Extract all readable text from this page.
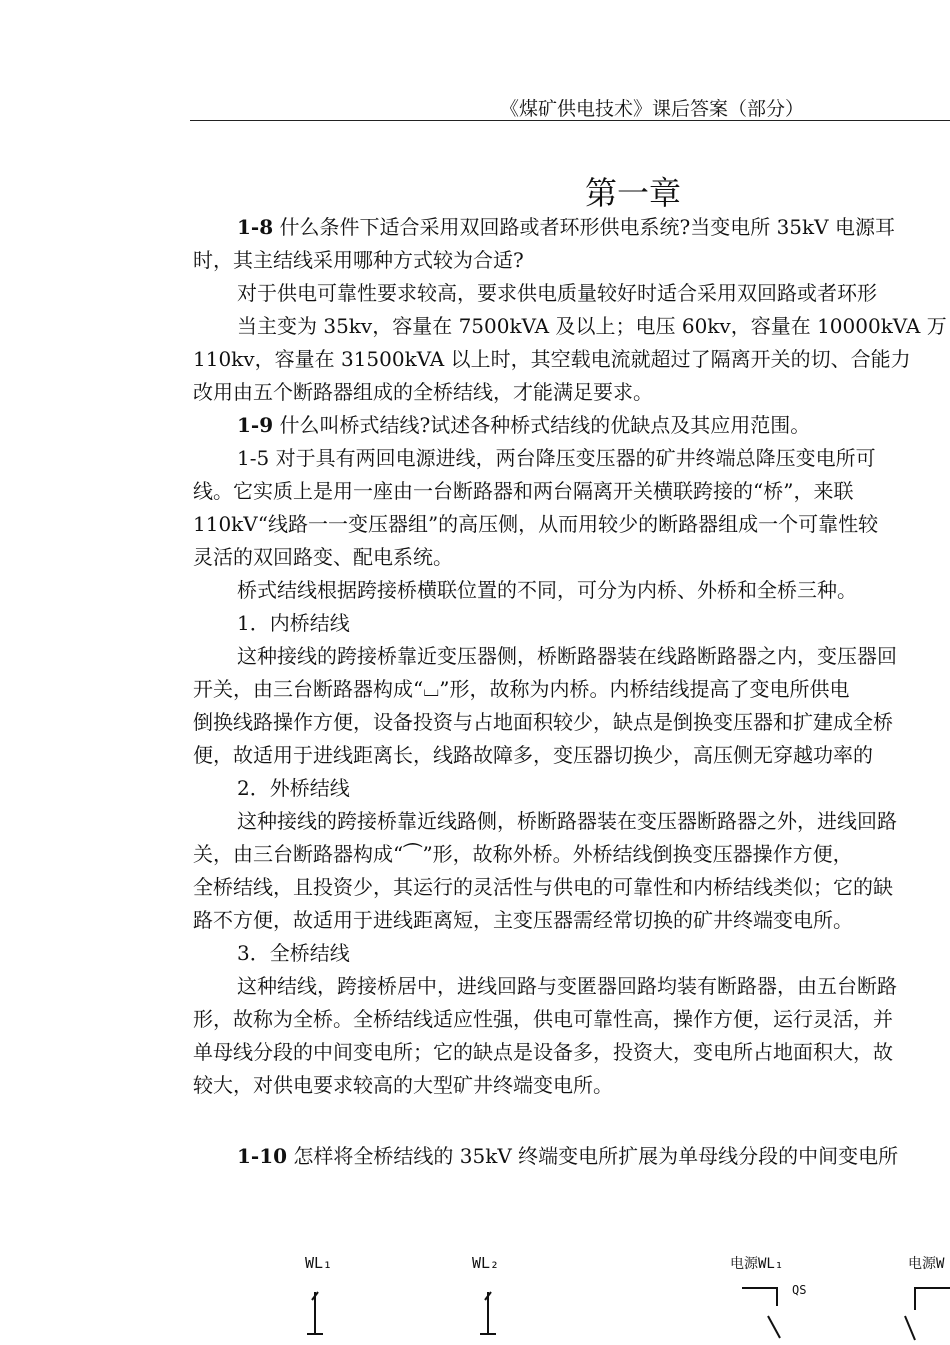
《煤矿供电技术》课后答案（部分）
第一章
1-8 什么条件下适合采用双回路或者环形供电系统?当变电所 35kV 电源耳
时，其主结线采用哪种方式较为合适?
对于供电可靠性要求较高，要求供电质量较好时适合采用双回路或者环形
当主变为 35kv，容量在 7500kVA 及以上；电压 60kv，容量在 10000kVA 万
110kv，容量在 31500kVA 以上时，其空载电流就超过了隔离开关的切、合能力
改用由五个断路器组成的全桥结线，才能满足要求。
1-9 什么叫桥式结线?试述各种桥式结线的优缺点及其应用范围。
1-5 对于具有两回电源进线，两台降压变压器的矿井终端总降压变电所可
线。它实质上是用一座由一台断路器和两台隔离开关横联跨接的“桥”，来联
110kV“线路一一变压器组”的高压侧，从而用较少的断路器组成一个可靠性较
灵活的双回路变、配电系统。
桥式结线根据跨接桥横联位置的不同，可分为内桥、外桥和全桥三种。
1．内桥结线
这种接线的跨接桥靠近变压器侧，桥断路器装在线路断路器之内，变压器回
开关，由三台断路器构成“⌴”形，故称为内桥。内桥结线提高了变电所供电
倒换线路操作方便，设备投资与占地面积较少，缺点是倒换变压器和扩建成全桥
便，故适用于进线距离长，线路故障多，变压器切换少，高压侧无穿越功率的
2．外桥结线
这种接线的跨接桥靠近线路侧，桥断路器装在变压器断路器之外，进线回路
关，由三台断路器构成“⏜”形，故称外桥。外桥结线倒换变压器操作方便，
全桥结线，且投资少，其运行的灵活性与供电的可靠性和内桥结线类似；它的缺
路不方便，故适用于进线距离短，主变压器需经常切换的矿井终端变电所。
3．全桥结线
这种结线，跨接桥居中，进线回路与变匿器回路均装有断路器，由五台断路
形，故称为全桥。全桥结线适应性强，供电可靠性高，操作方便，运行灵活，并
单母线分段的中间变电所；它的缺点是设备多，投资大，变电所占地面积大，故
较大，对供电要求较高的大型矿井终端变电所。
1-10 怎样将全桥结线的 35kV 终端变电所扩展为单母线分段的中间变电所
WL₁	WL₂	电源WL₁	电源W
QS
